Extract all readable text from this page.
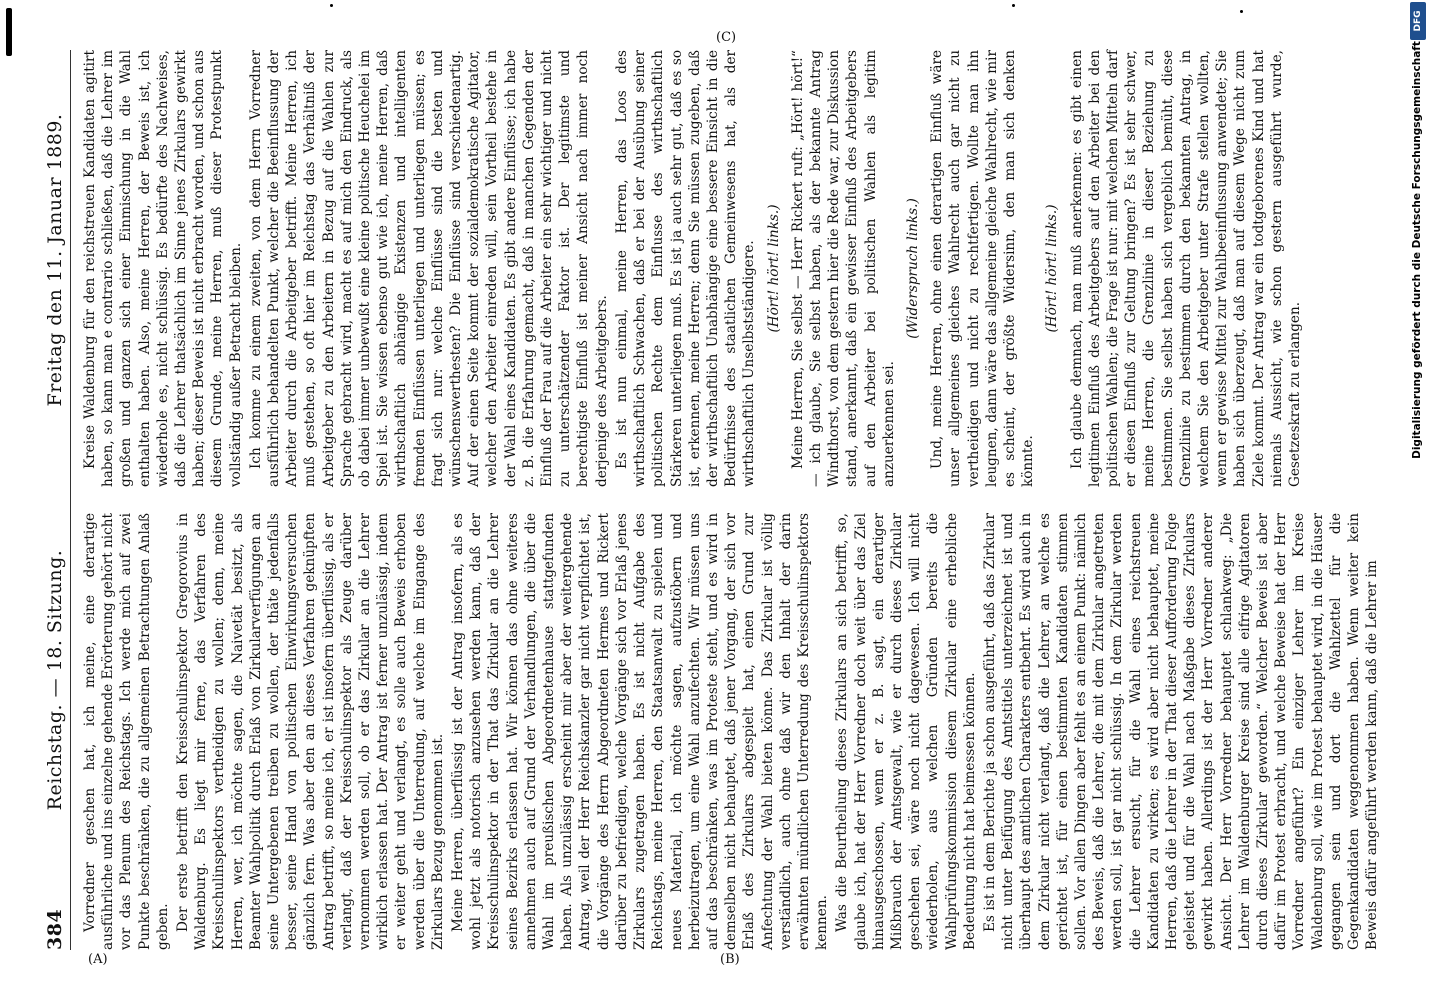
384
Reichstag. — 18. Sitzung.
Freitag den 11. Januar 1889.

Vorredner geschen hat, ich meine, eine derartige ausführliche und ins einzelne gehende Erörterung gehört nicht vor das Plenum des Reichstags. Ich werde mich auf zwei Punkte beschränken, die zu allgemeinen Betrachtungen Anlaß geben. Der erste betrifft den Kreisschulinspektor Gregorovius in Waldenburg. Es liegt mir ferne, das Verfahren des Kreisschulinspektors vertheidigen zu wollen; denn, meine Herren, wer, ich möchte sagen, die Naivetät besitzt, als Beamter Wahlpolitik durch Erlaß von Zirkularverfügungen an seine Untergebenen treiben zu wollen, der thäte jedenfalls besser, seine Hand von politischen Einwirkungsversuchen gänzlich fern. Was aber den an dieses Verfahren geknüpften Antrag betrifft, so meine ich, er ist insofern überflüssig, als er verlangt, daß der Kreisschulinspektor als Zeuge darüber vernommen werden soll, ob er das Zirkular an die Lehrer wirklich erlassen hat. Der Antrag ist ferner unzulässig, indem er weiter geht und verlangt, es solle auch Beweis erhoben werden über die Unterredung, auf welche im Eingange des Zirkulars Bezug genommen ist. Meine Herren, überflüssig ist der Antrag insofern, als es wohl jetzt als notorisch anzusehen werden kann, daß der Kreisschulinspektor in der That das Zirkular an die Lehrer seines Bezirks erlassen hat. Wir können das ohne weiteres annehmen auch auf Grund der Verhandlungen, die über die Wahl im preußischen Abgeordnetenhause stattgefunden haben. Als unzulässig erscheint mir aber der weitergehende Antrag, weil der Herr Reichskanzler gar nicht verpflichtet ist, die Vorgänge des Herrn Abgeordneten Hermes und Rickert darüber zu befriedigen, welche Vorgänge sich vor Erlaß jenes Zirkulars zugetragen haben. Es ist nicht Aufgabe des Reichstags, meine Herren, den Staatsanwalt zu spielen und neues Material, ich möchte sagen, aufzustöbern und herbeizutragen, um eine Wahl anzufechten. Wir müssen uns auf das beschränken, was im Proteste steht, und es wird in demselben nicht behauptet, daß jener Vorgang, der sich vor Erlaß des Zirkulars abgespielt hat, einen Grund zur Anfechtung der Wahl bieten könne. Das Zirkular ist völlig verständlich, auch ohne daß wir den Inhalt der darin erwähnten mündlichen Unterredung des Kreisschulinspektors kennen. Was die Beurtheilung dieses Zirkulars an sich betrifft, so, glaube ich, hat der Herr Vorredner doch weit über das Ziel hinausgeschossen, wenn er z. B. sagt, ein derartiger Mißbrauch der Amtsgewalt, wie er durch dieses Zirkular geschehen sei, wäre noch nicht dagewesen. Ich will nicht wiederholen, aus welchen Gründen bereits die Wahlprüfungskommission diesem Zirkular eine erhebliche Bedeutung nicht hat beimessen können. Es ist in dem Berichte ja schon ausgeführt, daß das Zirkular nicht unter Beifügung des Amtstitels unterzeichnet ist und überhaupt des amtlichen Charakters entbehrt. Es wird auch in dem Zirkular nicht verlangt, daß die Lehrer, an welche es gerichtet ist, für einen bestimmten Kandidaten stimmen sollen. Vor allen Dingen aber fehlt es an einem Punkt: nämlich des Beweis, daß die Lehrer, die mit dem Zirkular angetreten werden soll, ist gar nicht schlüssig. In dem Zirkular werden die Lehrer ersucht, für die Wahl eines reichstreuen Kandidaten zu wirken; es wird aber nicht behauptet, meine Herren, daß die Lehrer in der That dieser Aufforderung Folge geleistet und für die Wahl nach Maßgabe dieses Zirkulars gewirkt haben. Allerdings ist der Herr Vorredner anderer Ansicht. Der Herr Vorredner behauptet schlankweg: „Die Lehrer im Waldenburger Kreise sind alle eifrige Agitatoren durch dieses Zirkular geworden.“ Welcher Beweis ist aber dafür im Protest erbracht, und welche Beweise hat der Herr Vorredner angeführt? Ein einziger Lehrer im Kreise Waldenburg soll, wie im Protest behauptet wird, in die Häuser gegangen sein und dort die Wahlzettel für die Gegenkandidaten weggenommen haben. Wenn weiter kein Beweis dafür angeführt werden kann, daß die Lehrer im

Kreise Waldenburg für den reichstreuen Kandidaten agitirt haben, so kann man e contrario schließen, daß die Lehrer im großen und ganzen sich einer Einmischung in die Wahl enthalten haben. Also, meine Herren, der Beweis ist, ich wiederhole es, nicht schlüssig. Es bedürfte des Nachweises, daß die Lehrer thatsächlich im Sinne jenes Zirkulars gewirkt haben; dieser Beweis ist nicht erbracht worden, und schon aus diesem Grunde, meine Herren, muß dieser Protestpunkt vollständig außer Betracht bleiben. Ich komme zu einem zweiten, von dem Herrn Vorredner ausführlich behandelten Punkt, welcher die Beeinflussung der Arbeiter durch die Arbeitgeber betrifft. Meine Herren, ich muß gestehen, so oft hier im Reichstag das Verhältniß der Arbeitgeber zu den Arbeitern in Bezug auf die Wahlen zur Sprache gebracht wird, macht es auf mich den Eindruck, als ob dabei immer unbewußt eine kleine politische Heuchelei im Spiel ist. Sie wissen ebenso gut wie ich, meine Herren, daß wirthschaftlich abhängige Existenzen und intelligenten fremden Einflüssen unterliegen und unterliegen müssen; es fragt sich nur: welche Einflüsse sind die besten und wünschenswerthesten? Die Einflüsse sind verschiedenartig. Auf der einen Seite kommt der sozialdemokratische Agitator, welcher den Arbeiter einreden will, sein Vortheil bestehe in der Wahl eines Kandidaten. Es gibt andere Einflüsse; ich habe z. B. die Erfahrung gemacht, daß in manchen Gegenden der Einfluß der Frau auf die Arbeiter ein sehr wichtiger und nicht zu unterschätzender Faktor ist. Der legitimste und berechtigste Einfluß ist meiner Ansicht nach immer noch derjenige des Arbeitgebers. Es ist nun einmal, meine Herren, das Loos des wirthschaftlich Schwachen, daß er bei der Ausübung seiner politischen Rechte dem Einflusse des wirthschaftlich Stärkeren unterliegen muß. Es ist ja auch sehr gut, daß es so ist, erkennen, meine Herren; denn Sie müssen zugeben, daß der wirthschaftlich Unabhängige eine bessere Einsicht in die Bedürfnisse des staatlichen Gemeinwesens hat, als der wirthschaftlich Unselbstständigere. (Hört! hört! links.) Meine Herren, Sie selbst — Herr Rickert ruft: „Hört! hört!“ — ich glaube, Sie selbst haben, als der bekannte Antrag Windthorst, von dem gestern hier die Rede war, zur Diskussion stand, anerkannt, daß ein gewisser Einfluß des Arbeitgebers auf den Arbeiter bei politischen Wahlen als legitim anzuerkennen sei.

(Widerspruch links.) Und, meine Herren, ohne einen derartigen Einfluß wäre unser allgemeines gleiches Wahlrecht auch gar nicht zu vertheidigen und nicht zu rechtfertigen. Wollte man ihn leugnen, dann wäre das allgemeine gleiche Wahlrecht, wie mir es scheint, der größte Widersinn, den man sich denken könnte.

(Hört! hört! links.) Ich glaube demnach, man muß anerkennen: es gibt einen legitimen Einfluß des Arbeitgebers auf den Arbeiter bei den politischen Wahlen; die Frage ist nur: mit welchen Mitteln darf er diesen Einfluß zur Geltung bringen? Es ist sehr schwer, meine Herren, die Grenzlinie in dieser Beziehung zu bestimmen. Sie selbst haben sich vergeblich bemüht, diese Grenzlinie zu bestimmen durch den bekannten Antrag, in welchem Sie den Arbeitgeber unter Strafe stellen wollten, wenn er gewisse Mittel zur Wahlbeeinflussung anwendete; Sie haben sich überzeugt, daß man auf diesem Wege nicht zum Ziele kommt. Der Antrag war ein todtgeborenes Kind und hat niemals Aussicht, wie schon gestern ausgeführt wurde, Gesetzeskraft zu erlangen.

(A)	(B)
(C)
Digitalisierung gefördert durch die Deutsche Forschungsgemeinschaft
DFG
